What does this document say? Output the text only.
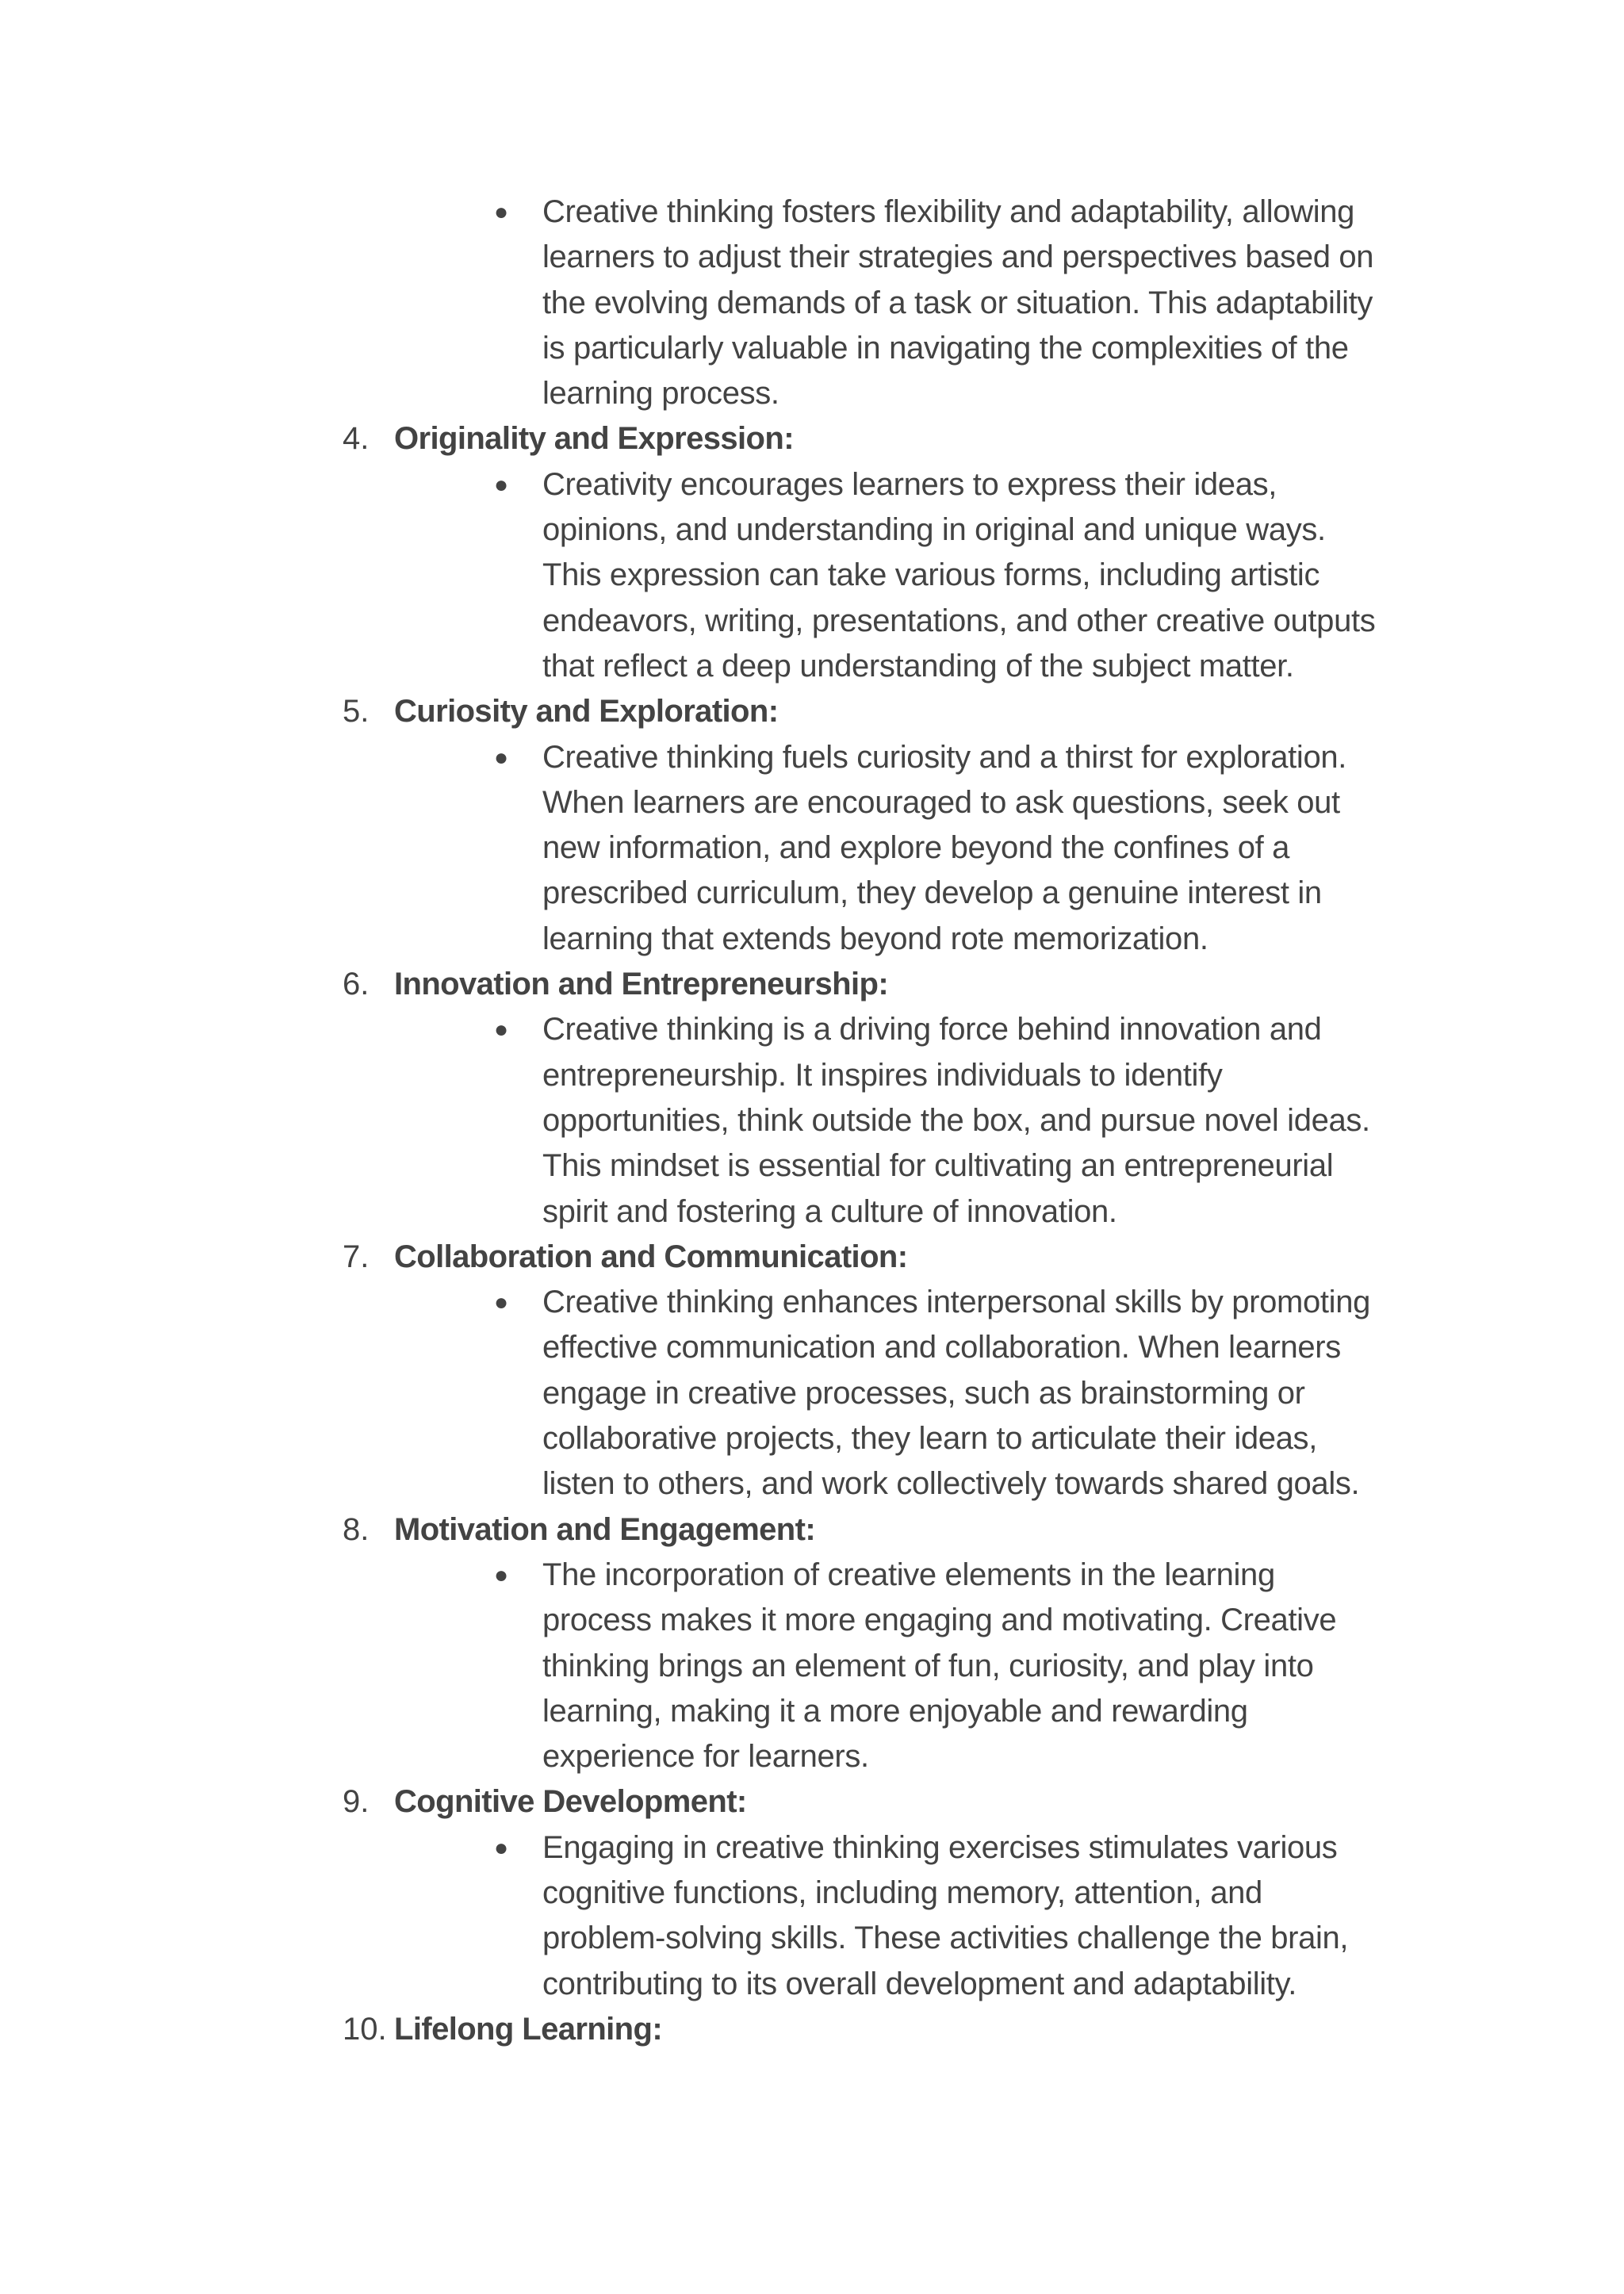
● Creative thinking fosters flexibility and adaptability, allowing
learners to adjust their strategies and perspectives based on
the evolving demands of a task or situation. This adaptability
is particularly valuable in navigating the complexities of the
learning process.
4. Originality and Expression:
● Creativity encourages learners to express their ideas,
opinions, and understanding in original and unique ways.
This expression can take various forms, including artistic
endeavors, writing, presentations, and other creative outputs
that reflect a deep understanding of the subject matter.
5. Curiosity and Exploration:
● Creative thinking fuels curiosity and a thirst for exploration.
When learners are encouraged to ask questions, seek out
new information, and explore beyond the confines of a
prescribed curriculum, they develop a genuine interest in
learning that extends beyond rote memorization.
6. Innovation and Entrepreneurship:
● Creative thinking is a driving force behind innovation and
entrepreneurship. It inspires individuals to identify
opportunities, think outside the box, and pursue novel ideas.
This mindset is essential for cultivating an entrepreneurial
spirit and fostering a culture of innovation.
7. Collaboration and Communication:
● Creative thinking enhances interpersonal skills by promoting
effective communication and collaboration. When learners
engage in creative processes, such as brainstorming or
collaborative projects, they learn to articulate their ideas,
listen to others, and work collectively towards shared goals.
8. Motivation and Engagement:
● The incorporation of creative elements in the learning
process makes it more engaging and motivating. Creative
thinking brings an element of fun, curiosity, and play into
learning, making it a more enjoyable and rewarding
experience for learners.
9. Cognitive Development:
● Engaging in creative thinking exercises stimulates various
cognitive functions, including memory, attention, and
problem-solving skills. These activities challenge the brain,
contributing to its overall development and adaptability.
10. Lifelong Learning:
